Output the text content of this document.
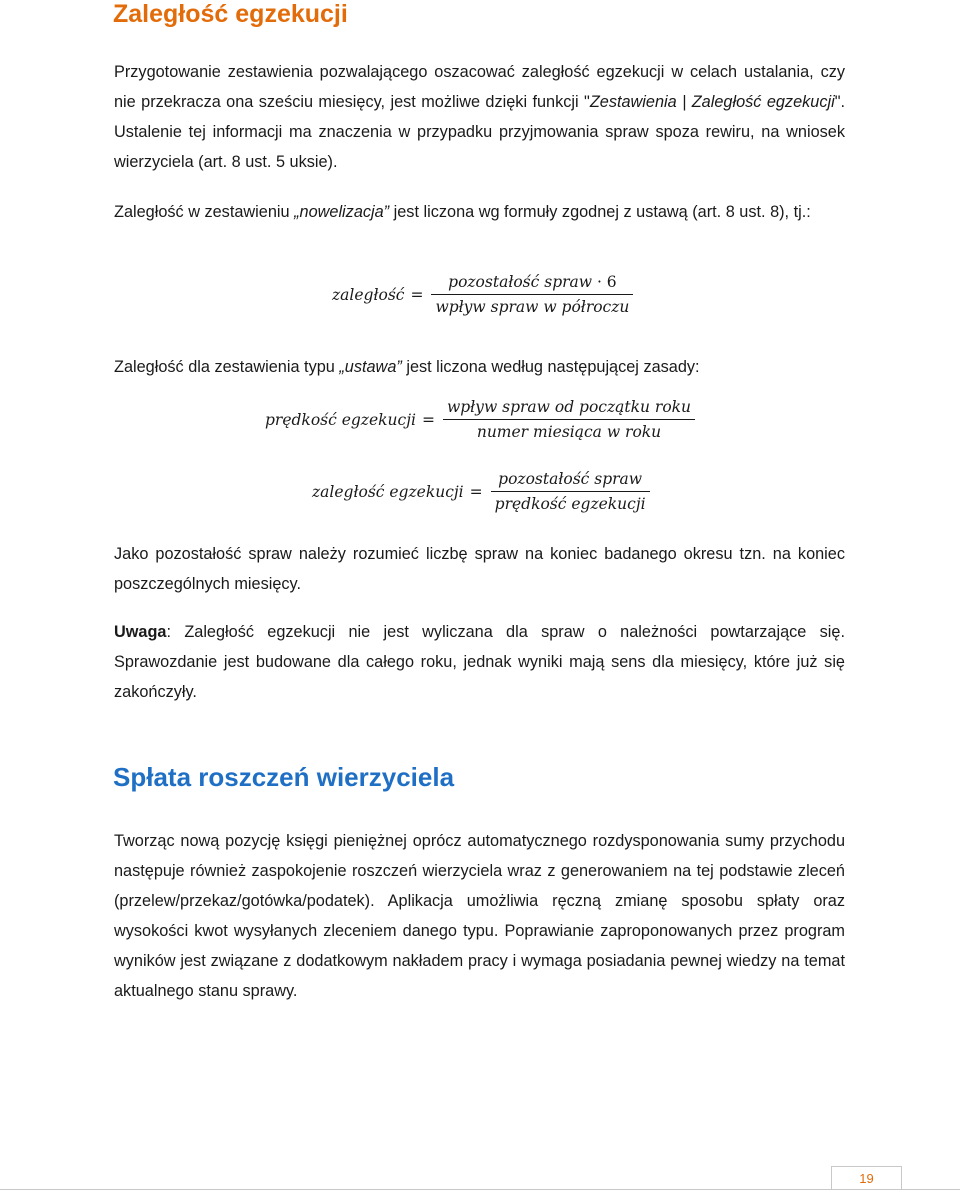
Zaległość egzekucji

Przygotowanie zestawienia pozwalającego oszacować zaległość egzekucji w celach ustalania, czy nie przekracza ona sześciu miesięcy, jest możliwe dzięki funkcji "Zestawienia | Zaległość egzekucji". Ustalenie tej informacji ma znaczenia w przypadku przyjmowania spraw spoza rewiru, na wniosek wierzyciela (art. 8 ust. 5 uksie).

Zaległość w zestawieniu „nowelizacja” jest liczona wg formuły zgodnej z ustawą (art. 8 ust. 8), tj.:

zaległość = $\frac{\text{pozostałość spraw · 6}}{\text{wpływ spraw w półroczu}}$

Zaległość dla zestawienia typu „ustawa” jest liczona według następującej zasady:

prędkość egzekucji = $\frac{\text{wpływ spraw od początku roku}}{\text{numer miesiąca w roku}}$
zaległość egzekucji = $\frac{\text{pozostałość spraw}}{\text{prędkość egzekucji}}$

Jako pozostałość spraw należy rozumieć liczbę spraw na koniec badanego okresu tzn. na koniec poszczególnych miesięcy.

Uwaga: Zaległość egzekucji nie jest wyliczana dla spraw o należności powtarzające się. Sprawozdanie jest budowane dla całego roku, jednak wyniki mają sens dla miesięcy, które już się zakończyły.

Spłata roszczeń wierzyciela

Tworząc nową pozycję księgi pieniężnej oprócz automatycznego rozdysponowania sumy przychodu następuje również zaspokojenie roszczeń wierzyciela wraz z generowaniem na tej podstawie zleceń (przelew/przekaz/gotówka/podatek). Aplikacja umożliwia ręczną zmianę sposobu spłaty oraz wysokości kwot wysyłanych zleceniem danego typu. Poprawianie zaproponowanych przez program wyników jest związane z dodatkowym nakładem pracy i wymaga posiadania pewnej wiedzy na temat aktualnego stanu sprawy.

19
